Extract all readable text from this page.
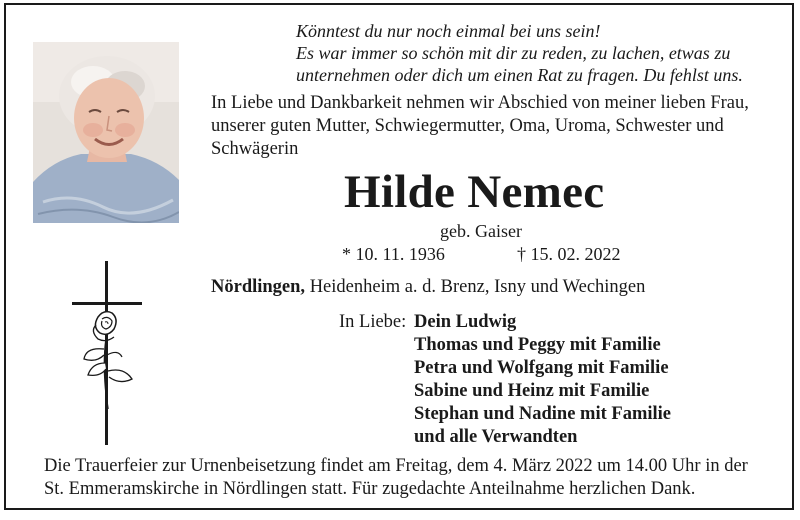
Könntest du nur noch einmal bei uns sein!
Es war immer so schön mit dir zu reden, zu lachen, etwas zu
unternehmen oder dich um einen Rat zu fragen. Du fehlst uns.
In Liebe und Dankbarkeit nehmen wir Abschied von meiner lieben Frau,
unserer guten Mutter, Schwiegermutter, Oma, Uroma, Schwester und
Schwägerin
Hilde Nemec
geb. Gaiser
* 10. 11. 1936	† 15. 02. 2022
Nördlingen, Heidenheim a. d. Brenz, Isny und Wechingen
In Liebe: Dein Ludwig
Thomas und Peggy mit Familie
Petra und Wolfgang mit Familie
Sabine und Heinz mit Familie
Stephan und Nadine mit Familie
und alle Verwandten
Die Trauerfeier zur Urnenbeisetzung findet am Freitag, dem 4. März 2022 um 14.00 Uhr in der
St. Emmeramskirche in Nördlingen statt. Für zugedachte Anteilnahme herzlichen Dank.
